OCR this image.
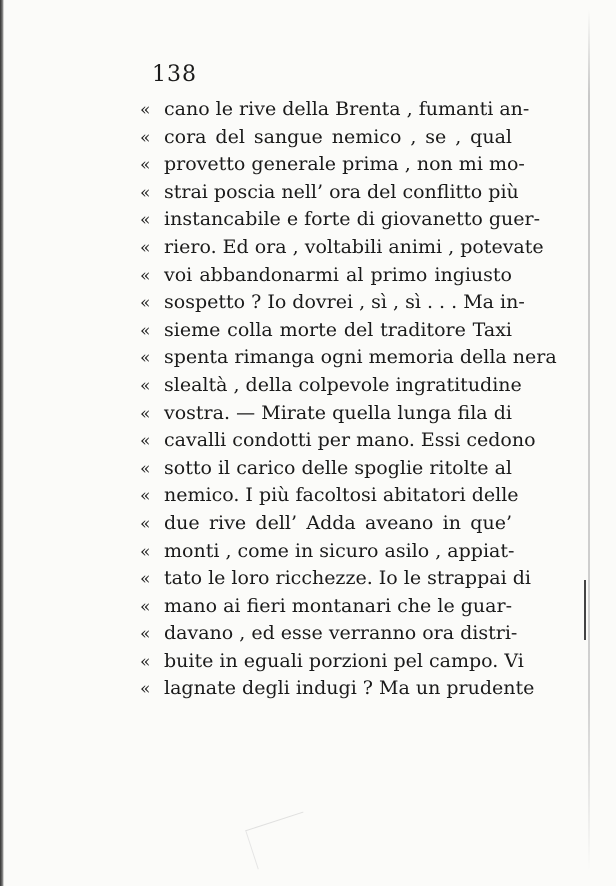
138
« cano le rive della Brenta , fumanti an-
« cora del sangue nemico , se , qual
« provetto generale prima , non mi mo-
« strai poscia nell’ ora del conflitto più
« instancabile e forte di giovanetto guer-
« riero. Ed ora , voltabili animi , potevate
« voi abbandonarmi al primo ingiusto
« sospetto ? Io dovrei , sì , sì . . . Ma in-
« sieme colla morte del traditore Taxi
« spenta rimanga ogni memoria della nera
« slealtà , della colpevole ingratitudine
« vostra. — Mirate quella lunga fila di
« cavalli condotti per mano. Essi cedono
« sotto il carico delle spoglie ritolte al
« nemico. I più facoltosi abitatori delle
« due rive dell’ Adda aveano in que’
« monti , come in sicuro asilo , appiat-
« tato le loro ricchezze. Io le strappai di
« mano ai fieri montanari che le guar-
« davano , ed esse verranno ora distri-
« buite in eguali porzioni pel campo. Vi
« lagnate degli indugi ? Ma un prudente
